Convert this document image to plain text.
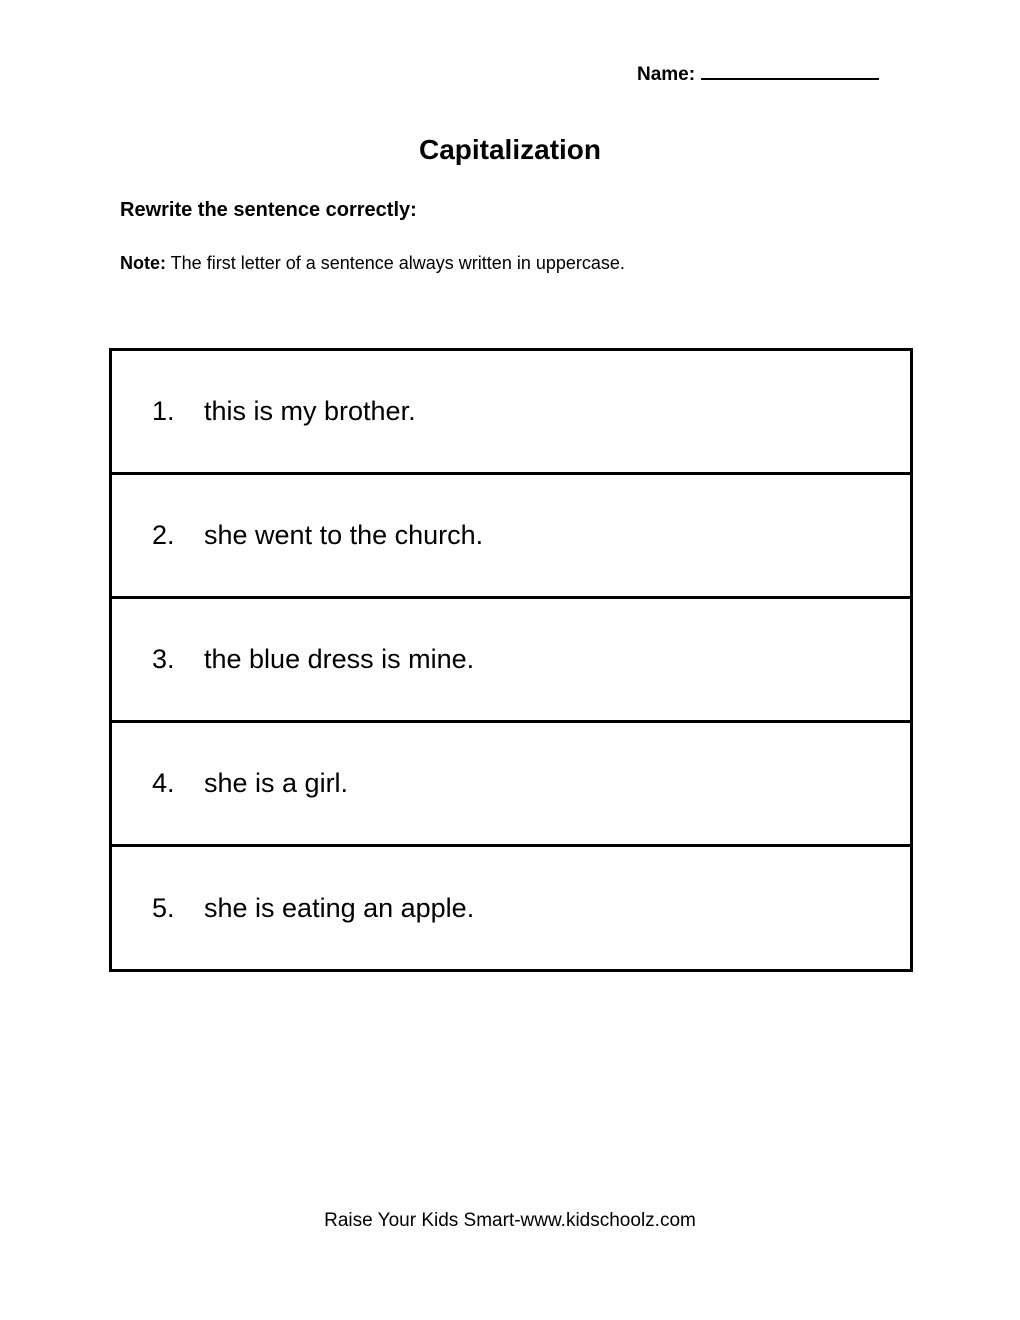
Name:
Capitalization
Rewrite the sentence correctly:
Note: The first letter of a sentence always written in uppercase.
1.	this is my brother.
2.	she went to the church.
3.	the blue dress is mine.
4.	she is a girl.
5.	she is eating an apple.
Raise Your Kids Smart-www.kidschoolz.com
